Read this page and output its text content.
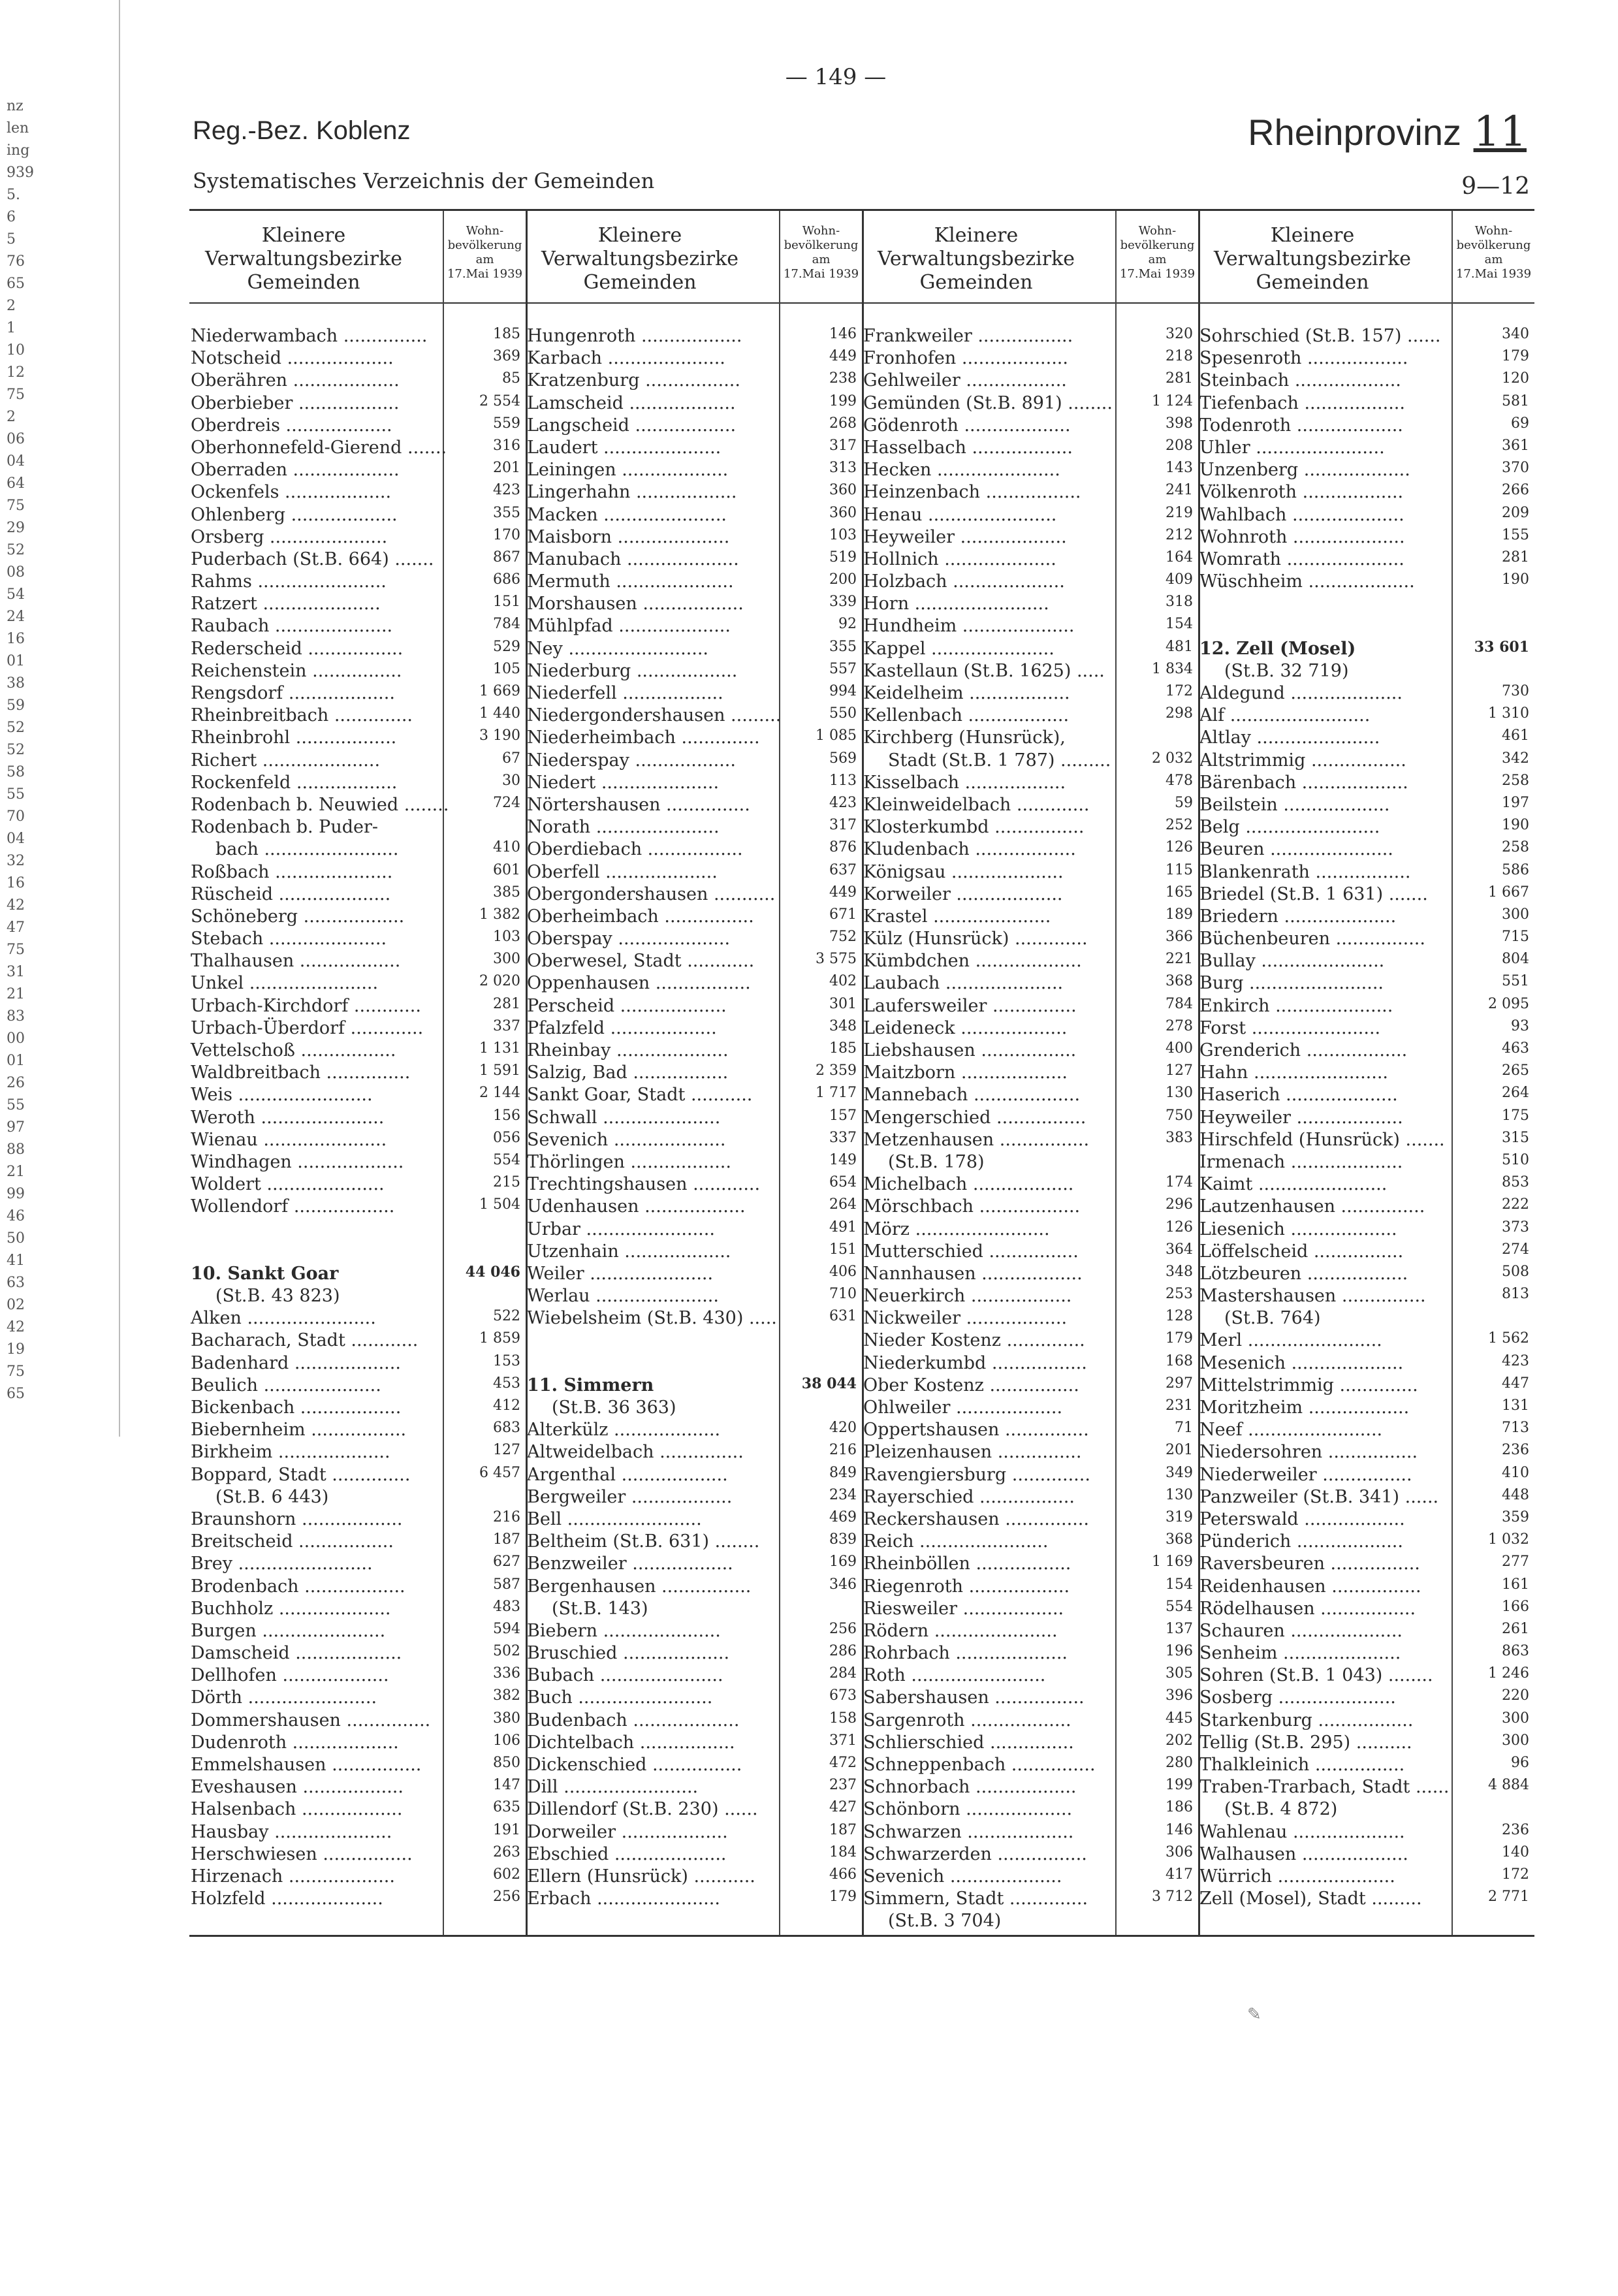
— 149 —
Reg.-Bez. Koblenz
Systematisches Verzeichnis der Gemeinden
Rheinprovinz 11
9—12
nz
len
ing
939
5.
6
5
76
65
2
1
10
12
75
2
06
04
64
75
29
52
08
54
24
16
01
38
59
52
52
58
55
70
04
32
16
42
47
75
31
21
83
00
01
26
55
97
88
21
99
46
50
41
63
02
42
19
75
65
Kleinere
Verwaltungsbezirke
Gemeinden
Wohn-
bevölkerung
am
17.Mai 1939
Niederwambach ...............	185
Notscheid ...................	369
Oberähren ...................	85
Oberbieber ..................	2 554
Oberdreis ...................	559
Oberhonnefeld-Gierend .......	316
Oberraden ...................	201
Ockenfels ...................	423
Ohlenberg ...................	355
Orsberg .....................	170
Puderbach (St.B. 664) .......	867
Rahms .......................	686
Ratzert .....................	151
Raubach .....................	784
Rederscheid .................	529
Reichenstein ................	105
Rengsdorf ...................	1 669
Rheinbreitbach ..............	1 440
Rheinbrohl ..................	3 190
Richert .....................	67
Rockenfeld ..................	30
Rodenbach b. Neuwied ........	724
Rodenbach b. Puder-
bach ........................	410
Roßbach .....................	601
Rüscheid ....................	385
Schöneberg ..................	1 382
Stebach .....................	103
Thalhausen ..................	300
Unkel .......................	2 020
Urbach-Kirchdorf ............	281
Urbach-Überdorf .............	337
Vettelschoß .................	1 131
Waldbreitbach ...............	1 591
Weis ........................	2 144
Weroth ......................	156
Wienau ......................	056
Windhagen ...................	554
Woldert .....................	215
Wollendorf ..................	1 504
10. Sankt Goar	44 046
(St.B. 43 823)
Alken .......................	522
Bacharach, Stadt ............	1 859
Badenhard ...................	153
Beulich .....................	453
Bickenbach ..................	412
Biebernheim .................	683
Birkheim ....................	127
Boppard, Stadt ..............	6 457
(St.B. 6 443)
Braunshorn ..................	216
Breitscheid .................	187
Brey ........................	627
Brodenbach ..................	587
Buchholz ....................	483
Burgen ......................	594
Damscheid ...................	502
Dellhofen ...................	336
Dörth .......................	382
Dommershausen ...............	380
Dudenroth ...................	106
Emmelshausen ................	850
Eveshausen ..................	147
Halsenbach ..................	635
Hausbay .....................	191
Herschwiesen ................	263
Hirzenach ...................	602
Holzfeld ....................	256
Kleinere
Verwaltungsbezirke
Gemeinden
Wohn-
bevölkerung
am
17.Mai 1939
Hungenroth ..................	146
Karbach .....................	449
Kratzenburg .................	238
Lamscheid ...................	199
Langscheid ..................	268
Laudert .....................	317
Leiningen ...................	313
Lingerhahn ..................	360
Macken ......................	360
Maisborn ....................	103
Manubach ....................	519
Mermuth .....................	200
Morshausen ..................	339
Mühlpfad ....................	92
Ney .........................	355
Niederburg ..................	557
Niederfell ..................	994
Niedergondershausen .........	550
Niederheimbach ..............	1 085
Niederspay ..................	569
Niedert .....................	113
Nörtershausen ...............	423
Norath ......................	317
Oberdiebach .................	876
Oberfell ....................	637
Obergondershausen ...........	449
Oberheimbach ................	671
Oberspay ....................	752
Oberwesel, Stadt ............	3 575
Oppenhausen .................	402
Perscheid ...................	301
Pfalzfeld ...................	348
Rheinbay ....................	185
Salzig, Bad .................	2 359
Sankt Goar, Stadt ...........	1 717
Schwall .....................	157
Sevenich ....................	337
Thörlingen ..................	149
Trechtingshausen ............	654
Udenhausen ..................	264
Urbar .......................	491
Utzenhain ...................	151
Weiler ......................	406
Werlau ......................	710
Wiebelsheim (St.B. 430) .....	631
11. Simmern	38 044
(St.B. 36 363)
Alterkülz ...................	420
Altweidelbach ...............	216
Argenthal ...................	849
Bergweiler ..................	234
Bell ........................	469
Beltheim (St.B. 631) ........	839
Benzweiler ..................	169
Bergenhausen ................	346
(St.B. 143)
Biebern .....................	256
Bruschied ...................	286
Bubach ......................	284
Buch ........................	673
Budenbach ...................	158
Dichtelbach .................	371
Dickenschied ................	472
Dill ........................	237
Dillendorf (St.B. 230) ......	427
Dorweiler ...................	187
Ebschied ....................	184
Ellern (Hunsrück) ...........	466
Erbach ......................	179
Kleinere
Verwaltungsbezirke
Gemeinden
Wohn-
bevölkerung
am
17.Mai 1939
Frankweiler .................	320
Fronhofen ...................	218
Gehlweiler ..................	281
Gemünden (St.B. 891) ........	1 124
Gödenroth ...................	398
Hasselbach ..................	208
Hecken ......................	143
Heinzenbach .................	241
Henau .......................	219
Heyweiler ...................	212
Hollnich ....................	164
Holzbach ....................	409
Horn ........................	318
Hundheim ....................	154
Kappel ......................	481
Kastellaun (St.B. 1625) .....	1 834
Keidelheim ..................	172
Kellenbach ..................	298
Kirchberg (Hunsrück),
Stadt (St.B. 1 787) .........	2 032
Kisselbach ..................	478
Kleinweidelbach .............	59
Klosterkumbd ................	252
Kludenbach ..................	126
Königsau ....................	115
Korweiler ...................	165
Krastel .....................	189
Külz (Hunsrück) .............	366
Kümbdchen ...................	221
Laubach .....................	368
Laufersweiler ...............	784
Leideneck ...................	278
Liebshausen .................	400
Maitzborn ...................	127
Mannebach ...................	130
Mengerschied ................	750
Metzenhausen ................	383
(St.B. 178)
Michelbach ..................	174
Mörschbach ..................	296
Mörz ........................	126
Mutterschied ................	364
Nannhausen ..................	348
Neuerkirch ..................	253
Nickweiler ..................	128
Nieder Kostenz ..............	179
Niederkumbd .................	168
Ober Kostenz ................	297
Ohlweiler ...................	231
Oppertshausen ...............	71
Pleizenhausen ...............	201
Ravengiersburg ..............	349
Rayerschied .................	130
Reckershausen ...............	319
Reich .......................	368
Rheinböllen .................	1 169
Riegenroth ..................	154
Riesweiler ..................	554
Rödern ......................	137
Rohrbach ....................	196
Roth ........................	305
Sabershausen ................	396
Sargenroth ..................	445
Schlierschied ...............	202
Schneppenbach ...............	280
Schnorbach ..................	199
Schönborn ...................	186
Schwarzen ...................	146
Schwarzerden ................	306
Sevenich ....................	417
Simmern, Stadt ..............	3 712
(St.B. 3 704)
Kleinere
Verwaltungsbezirke
Gemeinden
Wohn-
bevölkerung
am
17.Mai 1939
Sohrschied (St.B. 157) ......	340
Spesenroth ..................	179
Steinbach ...................	120
Tiefenbach ..................	581
Todenroth ...................	69
Uhler .......................	361
Unzenberg ...................	370
Völkenroth ..................	266
Wahlbach ....................	209
Wohnroth ....................	155
Womrath .....................	281
Wüschheim ...................	190
12. Zell (Mosel)	33 601
(St.B. 32 719)
Aldegund ....................	730
Alf .........................	1 310
Altlay ......................	461
Altstrimmig .................	342
Bärenbach ...................	258
Beilstein ...................	197
Belg ........................	190
Beuren ......................	258
Blankenrath .................	586
Briedel (St.B. 1 631) .......	1 667
Briedern ....................	300
Büchenbeuren ................	715
Bullay ......................	804
Burg ........................	551
Enkirch .....................	2 095
Forst .......................	93
Grenderich ..................	463
Hahn ........................	265
Haserich ....................	264
Heyweiler ...................	175
Hirschfeld (Hunsrück) .......	315
Irmenach ....................	510
Kaimt .......................	853
Lautzenhausen ...............	222
Liesenich ...................	373
Löffelscheid ................	274
Lötzbeuren ..................	508
Mastershausen ...............	813
(St.B. 764)
Merl ........................	1 562
Mesenich ....................	423
Mittelstrimmig ..............	447
Moritzheim ..................	131
Neef ........................	713
Niedersohren ................	236
Niederweiler ................	410
Panzweiler (St.B. 341) ......	448
Peterswald ..................	359
Pünderich ...................	1 032
Raversbeuren ................	277
Reidenhausen ................	161
Rödelhausen .................	166
Schauren ....................	261
Senheim .....................	863
Sohren (St.B. 1 043) ........	1 246
Sosberg .....................	220
Starkenburg .................	300
Tellig (St.B. 295) ..........	300
Thalkleinich ................	96
Traben-Trarbach, Stadt ......	4 884
(St.B. 4 872)
Wahlenau ....................	236
Walhausen ...................	140
Würrich .....................	172
Zell (Mosel), Stadt .........	2 771
✎
